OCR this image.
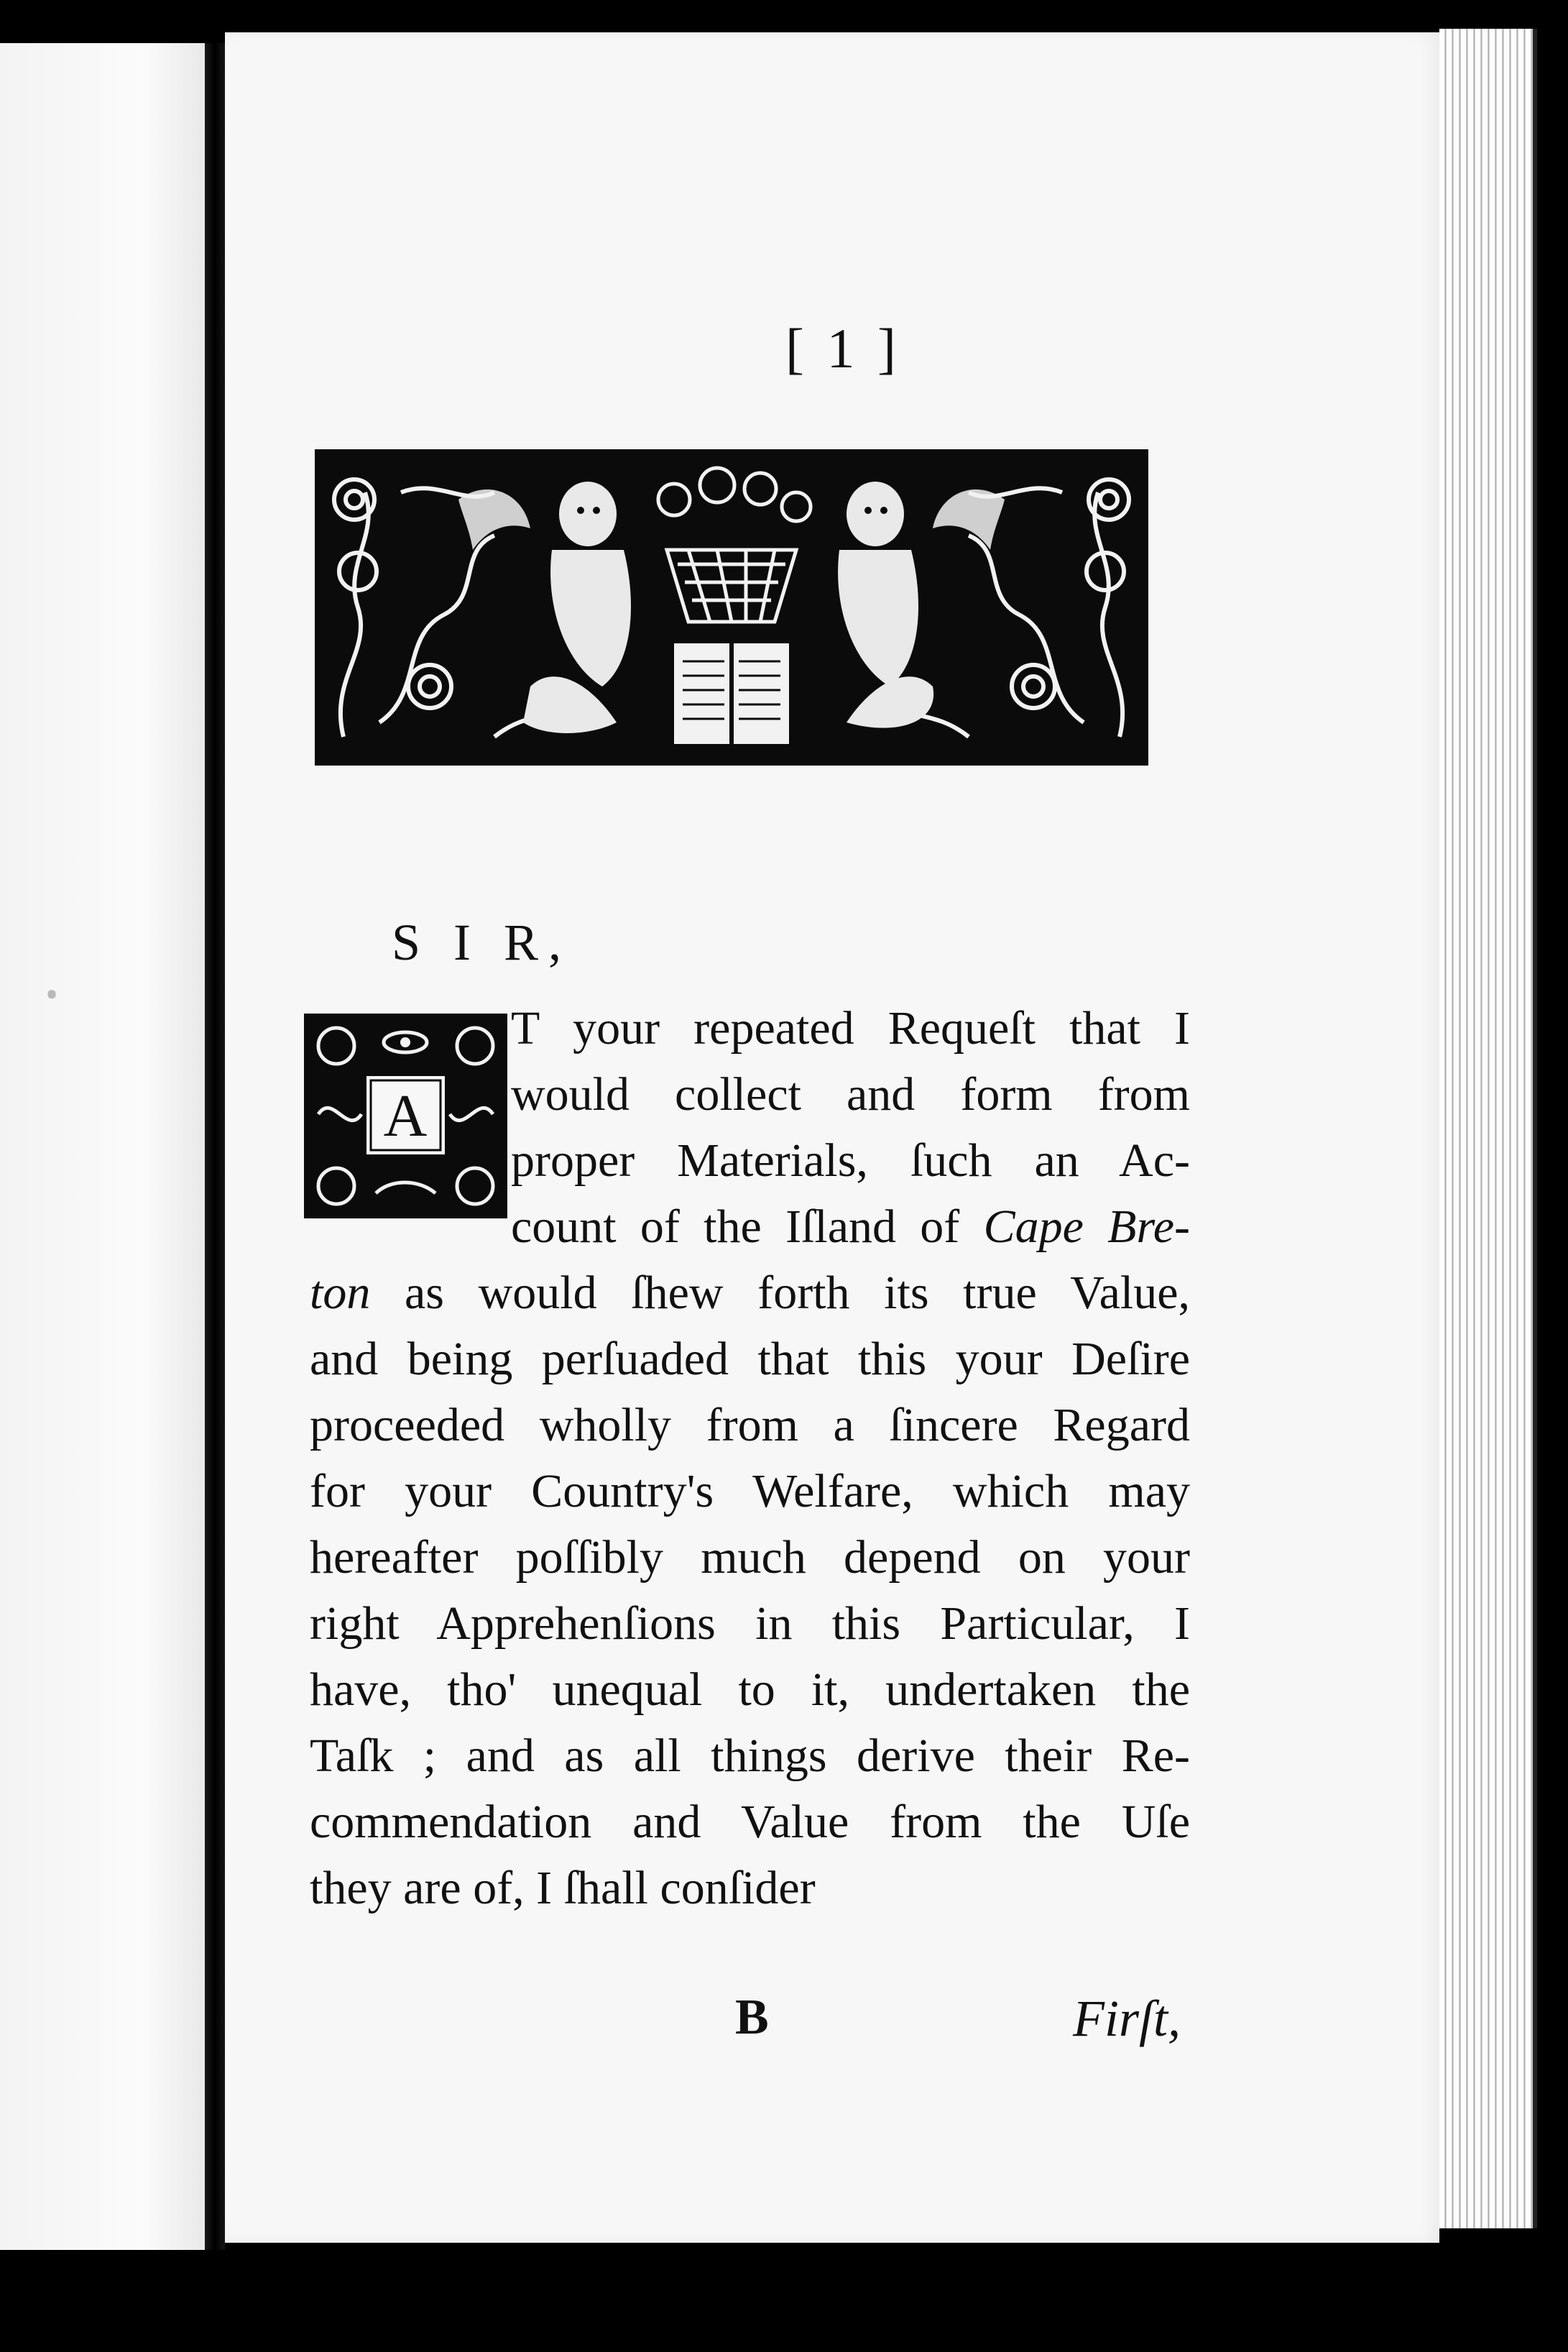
⸱
[ 1 ]
S I R,
A
T your repeated Requeſt that I
would collect and form from
proper Materials, ſuch an Ac-
count of the Iſland of Cape Bre-
ton as would ſhew forth its true Value,
and being perſuaded that this your Deſire
proceeded wholly from a ſincere Regard
for your Country's Welfare, which may
hereafter poſſibly much depend on your
right Apprehenſions in this Particular, I
have, tho' unequal to it, undertaken the
Taſk ; and as all things derive their Re-
commendation and Value from the Uſe
they are of, I ſhall conſider
B	Firſt,
